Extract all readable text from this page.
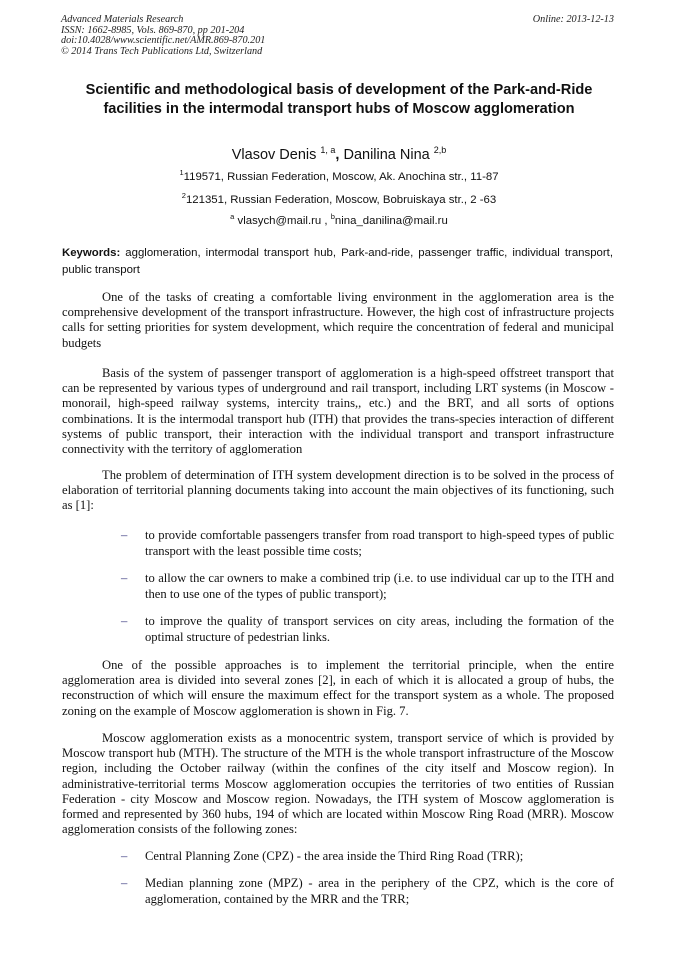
Advanced Materials Research
ISSN: 1662-8985, Vols. 869-870, pp 201-204
doi:10.4028/www.scientific.net/AMR.869-870.201
© 2014 Trans Tech Publications Ltd, Switzerland
Online: 2013-12-13
Scientific and methodological basis of development of the Park-and-Ride facilities in the intermodal transport hubs of Moscow agglomeration
Vlasov Denis $^{1, a}$, Danilina Nina $^{2,b}$
$^1$119571, Russian Federation, Moscow, Ak. Anochina str., 11-87
$^2$121351, Russian Federation, Moscow, Bobruiskaya str., 2 -63
$^a$ vlasych@mail.ru , $^b$nina_danilina@mail.ru
Keywords: agglomeration, intermodal transport hub, Park-and-ride, passenger traffic, individual transport, public transport

One of the tasks of creating a comfortable living environment in the agglomeration area is the comprehensive development of the transport infrastructure. However, the high cost of infrastructure projects calls for setting priorities for system development, which require the concentration of federal and municipal budgets

Basis of the system of passenger transport of agglomeration is a high-speed offstreet transport that can be represented by various types of underground and rail transport, including LRT systems (in Moscow - monorail, high-speed railway systems, intercity trains,, etc.) and the BRT, and all sorts of options combinations. It is the intermodal transport hub (ITH) that provides the trans-species interaction of different systems of public transport, their interaction with the individual transport and transport infrastructure connectivity with the territory of agglomeration

The problem of determination of ITH system development direction is to be solved in the process of elaboration of territorial planning documents taking into account the main objectives of its functioning, such as [1]:

– to provide comfortable passengers transfer from road transport to high-speed types of public transport with the least possible time costs;
– to allow the car owners to make a combined trip (i.e. to use individual car up to the ITH and then to use one of the types of public transport);
– to improve the quality of transport services on city areas, including the formation of the optimal structure of pedestrian links.

One of the possible approaches is to implement the territorial principle, when the entire agglomeration area is divided into several zones [2], in each of which it is allocated a group of hubs, the reconstruction of which will ensure the maximum effect for the transport system as a whole. The proposed zoning on the example of Moscow agglomeration is shown in Fig. 7.

Moscow agglomeration exists as a monocentric system, transport service of which is provided by Moscow transport hub (MTH). The structure of the MTH is the whole transport infrastructure of the Moscow region, including the October railway (within the confines of the city itself and Moscow region). In administrative-territorial terms Moscow agglomeration occupies the territories of two entities of Russian Federation - city Moscow and Moscow region. Nowadays, the ITH system of Moscow agglomeration is formed and represented by 360 hubs, 194 of which are located within Moscow Ring Road (MRR). Moscow agglomeration consists of the following zones:

– Central Planning Zone (CPZ) - the area inside the Third Ring Road (TRR);
– Median planning zone (MPZ) - area in the periphery of the CPZ, which is the core of agglomeration, contained by the MRR and the TRR;
